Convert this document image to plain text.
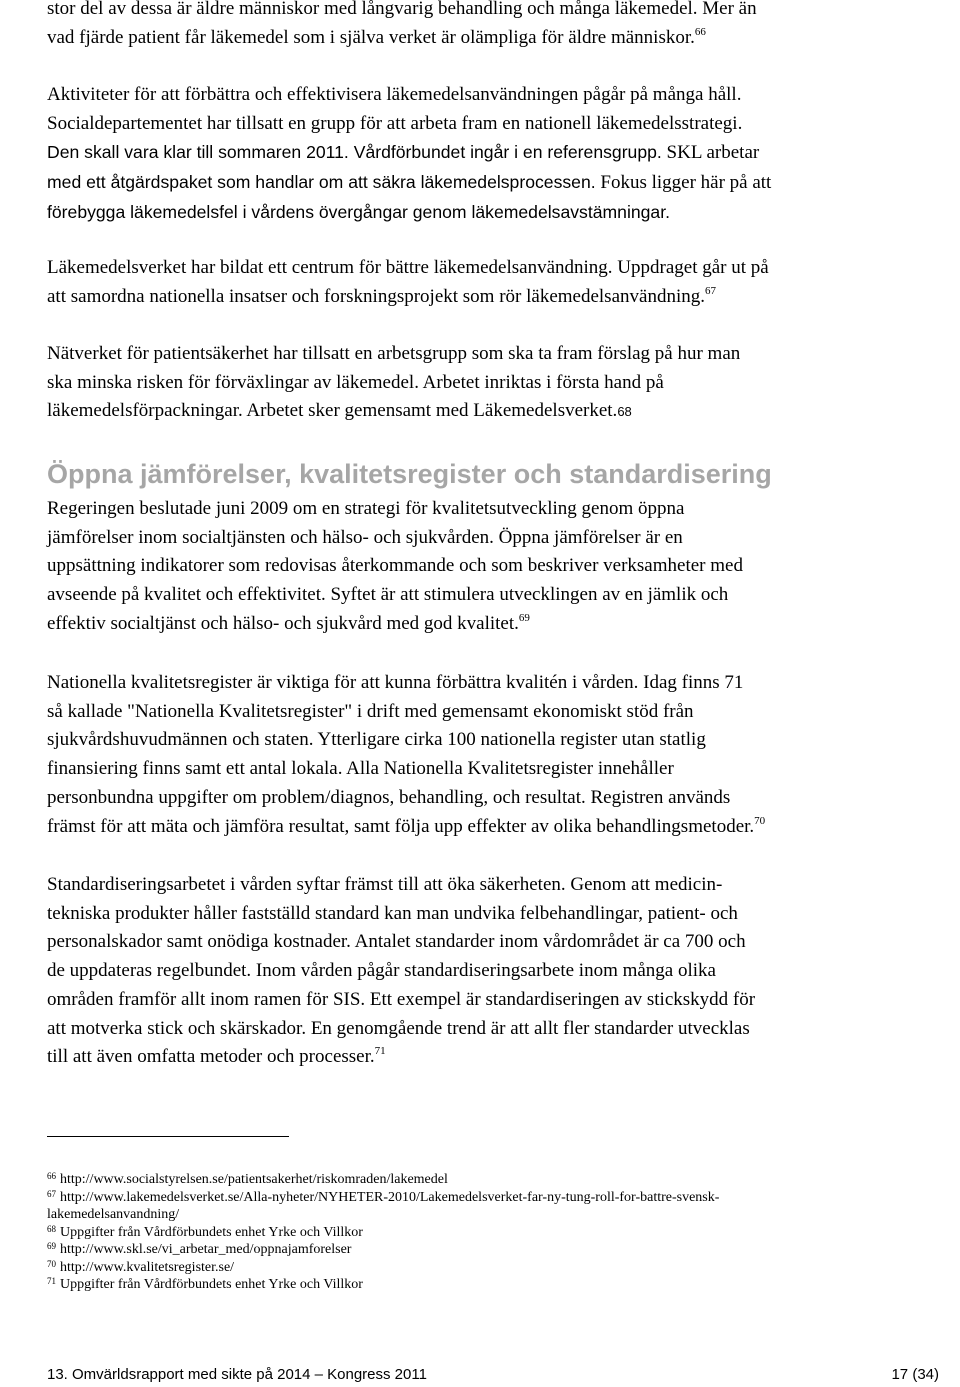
stor del av dessa är äldre människor med långvarig behandling och många läkemedel. Mer än
vad fjärde patient får läkemedel som i själva verket är olämpliga för äldre människor.$^{66}$

Aktiviteter för att förbättra och effektivisera läkemedelsanvändningen pågår på många håll.
Socialdepartementet har tillsatt en grupp för att arbeta fram en nationell läkemedelsstrategi.
Den skall vara klar till sommaren 2011. Vårdförbundet ingår i en referensgrupp. SKL arbetar
med ett åtgärdspaket som handlar om att säkra läkemedelsprocessen. Fokus ligger här på att
förebygga läkemedelsfel i vårdens övergångar genom läkemedelsavstämningar.

Läkemedelsverket har bildat ett centrum för bättre läkemedelsanvändning. Uppdraget går ut på
att samordna nationella insatser och forskningsprojekt som rör läkemedelsanvändning.$^{67}$

Nätverket för patientsäkerhet har tillsatt en arbetsgrupp som ska ta fram förslag på hur man
ska minska risken för förväxlingar av läkemedel. Arbetet inriktas i första hand på
läkemedelsförpackningar. Arbetet sker gemensamt med Läkemedelsverket.68

Öppna jämförelser, kvalitetsregister och standardisering

Regeringen beslutade juni 2009 om en strategi för kvalitetsutveckling genom öppna
jämförelser inom socialtjänsten och hälso- och sjukvården. Öppna jämförelser är en
uppsättning indikatorer som redovisas återkommande och som beskriver verksamheter med
avseende på kvalitet och effektivitet. Syftet är att stimulera utvecklingen av en jämlik och
effektiv socialtjänst och hälso- och sjukvård med god kvalitet.$^{69}$

Nationella kvalitetsregister är viktiga för att kunna förbättra kvalitén i vården. Idag finns 71
så kallade "Nationella Kvalitetsregister" i drift med gemensamt ekonomiskt stöd från
sjukvårdshuvudmännen och staten. Ytterligare cirka 100 nationella register utan statlig
finansiering finns samt ett antal lokala. Alla Nationella Kvalitetsregister innehåller
personbundna uppgifter om problem/diagnos, behandling, och resultat. Registren används
främst för att mäta och jämföra resultat, samt följa upp effekter av olika behandlingsmetoder.$^{70}$

Standardiseringsarbetet i vården syftar främst till att öka säkerheten. Genom att medicin-
tekniska produkter håller fastställd standard kan man undvika felbehandlingar, patient- och
personalskador samt onödiga kostnader. Antalet standarder inom vårdområdet är ca 700 och
de uppdateras regelbundet. Inom vården pågår standardiseringsarbete inom många olika
områden framför allt inom ramen för SIS. Ett exempel är standardiseringen av stickskydd för
att motverka stick och skärskador. En genomgående trend är att allt fler standarder utvecklas
till att även omfatta metoder och processer.$^{71}$

$^{66}$ http://www.socialstyrelsen.se/patientsakerhet/riskomraden/lakemedel

$^{67}$ http://www.lakemedelsverket.se/Alla-nyheter/NYHETER-2010/Lakemedelsverket-far-ny-tung-roll-for-battre-svensk-
lakemedelsanvandning/

$^{68}$ Uppgifter från Vårdförbundets enhet Yrke och Villkor

$^{69}$ http://www.skl.se/vi_arbetar_med/oppnajamforelser

$^{70}$ http://www.kvalitetsregister.se/

$^{71}$ Uppgifter från Vårdförbundets enhet Yrke och Villkor

13. Omvärldsrapport med sikte på 2014 – Kongress 2011	17 (34)
